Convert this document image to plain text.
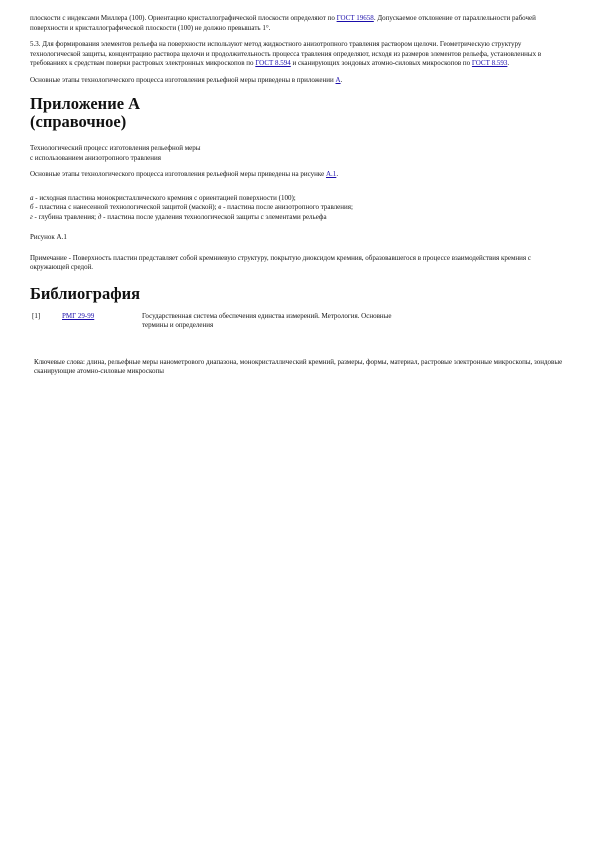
плоскости с индексами Миллера (100). Ориентацию кристаллографической плоскости определяют по ГОСТ 19658. Допускаемое отклонение от параллельности рабочей поверхности и кристаллографической плоскости (100) не должно превышать 1°.

5.3. Для формирования элементов рельефа на поверхности используют метод жидкостного анизотропного травления раствором щелочи. Геометрическую структуру технологической защиты, концентрацию раствора щелочи и продолжительность процесса травления определяют, исходя из размеров элементов рельефа, установленных в требованиях к средствам поверки растровых электронных микроскопов по ГОСТ 8.594 и сканирующих зондовых атомно-силовых микроскопов по ГОСТ 8.593.

Основные этапы технологического процесса изготовления рельефной меры приведены в приложении А.

Приложение А
(справочное)

Технологический процесс изготовления рельефной меры
с использованием анизотропного травления

Основные этапы технологического процесса изготовления рельефной меры приведены на рисунке А.1.

а - исходная пластина монокристаллического кремния с ориентацией поверхности (100);
б - пластина с нанесенной технологической защитой (маской); в - пластина после анизотропного травления;
г - глубина травления; д - пластина после удаления технологической защиты с элементами рельефа

Рисунок А.1

Примечание - Поверхность пластин представляет собой кремниевую структуру, покрытую диоксидом кремния, образовавшегося в процессе взаимодействия кремния с окружающей средой.

Библиография
[1]	РМГ 29-99	Государственная система обеспечения единства измерений. Метрология. Основные
термины и определения

Ключевые слова: длина, рельефные меры нанометрового диапазона, монокристаллический кремний, размеры, формы, материал, растровые электронные микроскопы, зондовые сканирующие атомно-силовые микроскопы
